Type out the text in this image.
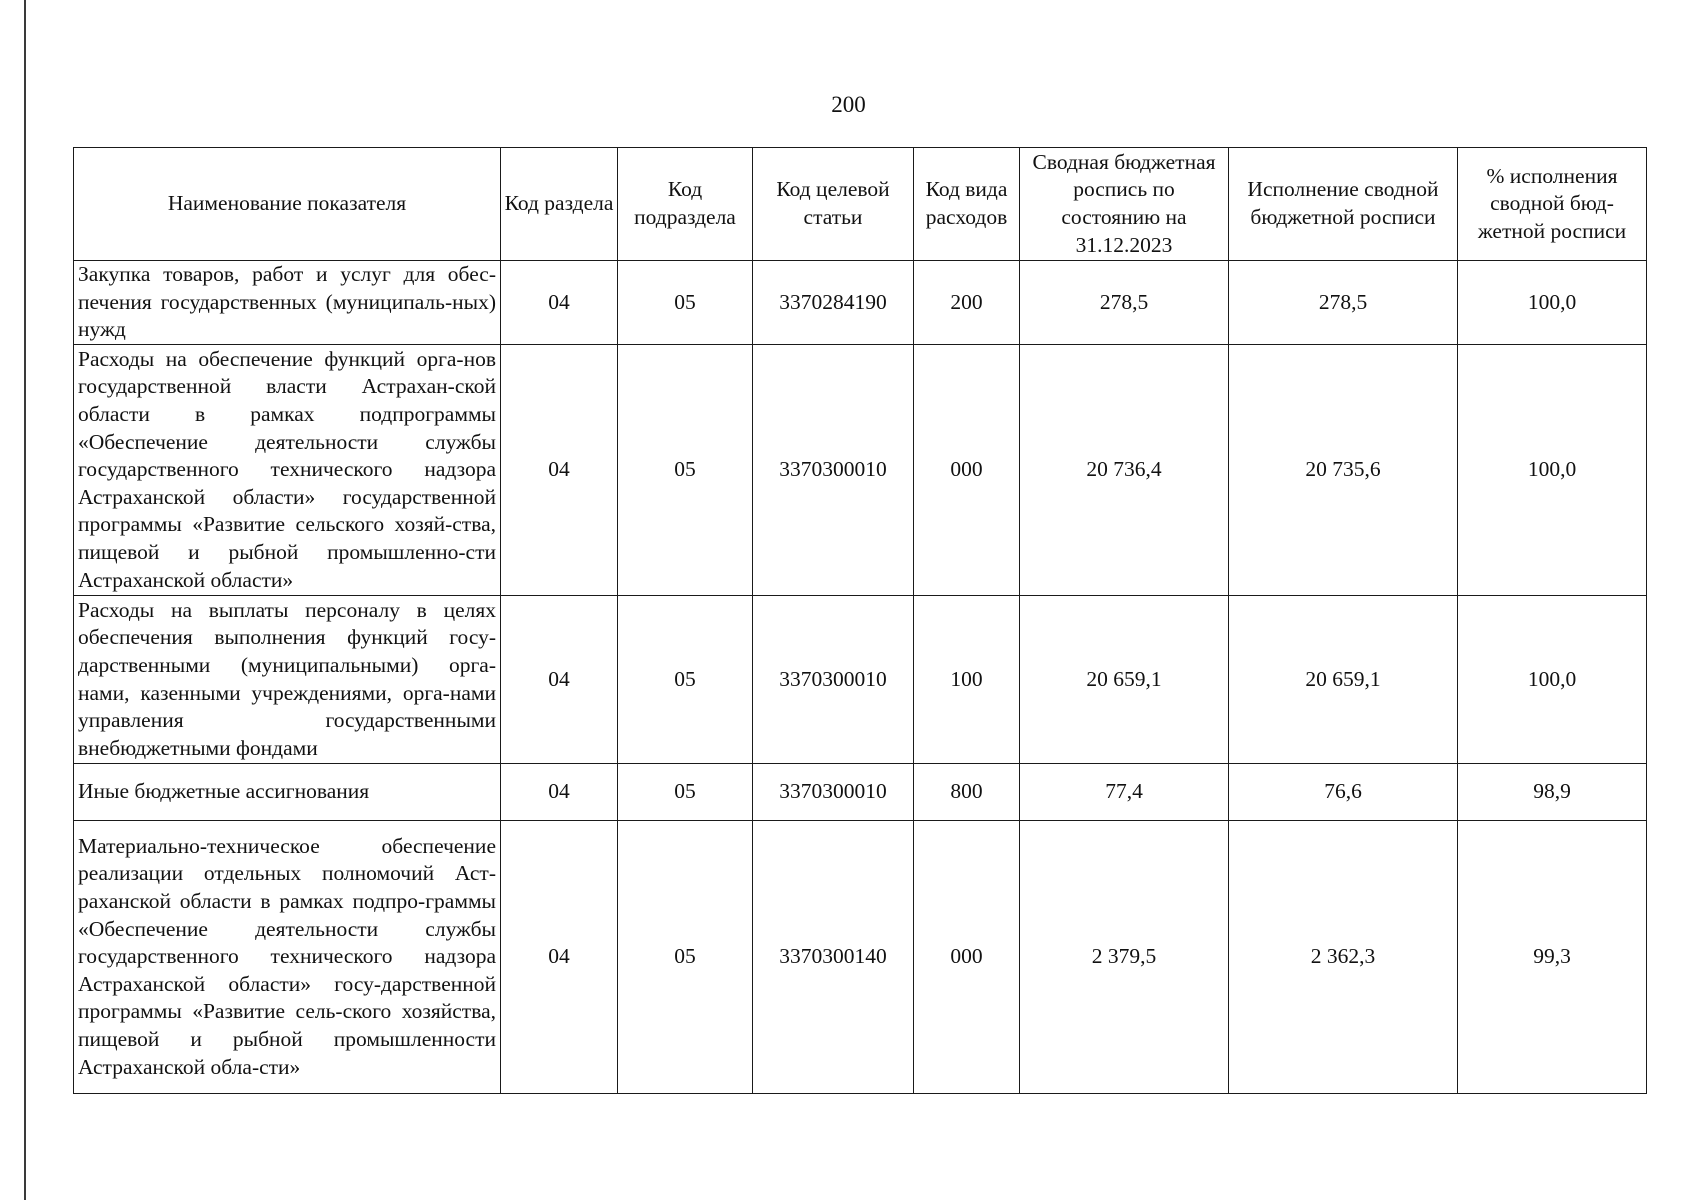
200
Наименование показателя	Код раздела	Код подраздела	Код целевой статьи	Код вида расходов	Сводная бюджетная роспись по состоянию на 31.12.2023	Исполнение сводной бюджетной росписи	% исполнения сводной бюд-жетной росписи
Закупка товаров, работ и услуг для обес-печения государственных (муниципаль-ных) нужд	04	05	3370284190	200	278,5	278,5	100,0
Расходы на обеспечение функций орга-нов государственной власти Астрахан-ской области в рамках подпрограммы «Обеспечение деятельности службы государственного технического надзора Астраханской области» государственной программы «Развитие сельского хозяй-ства, пищевой и рыбной промышленно-сти Астраханской области»	04	05	3370300010	000	20 736,4	20 735,6	100,0
Расходы на выплаты персоналу в целях обеспечения выполнения функций госу-дарственными (муниципальными) орга-нами, казенными учреждениями, орга-нами управления государственными внебюджетными фондами	04	05	3370300010	100	20 659,1	20 659,1	100,0
Иные бюджетные ассигнования	04	05	3370300010	800	77,4	76,6	98,9
Материально-техническое обеспечение реализации отдельных полномочий Аст-раханской области в рамках подпро-граммы «Обеспечение деятельности службы государственного технического надзора Астраханской области» госу-дарственной программы «Развитие сель-ского хозяйства, пищевой и рыбной промышленности Астраханской обла-сти»	04	05	3370300140	000	2 379,5	2 362,3	99,3
